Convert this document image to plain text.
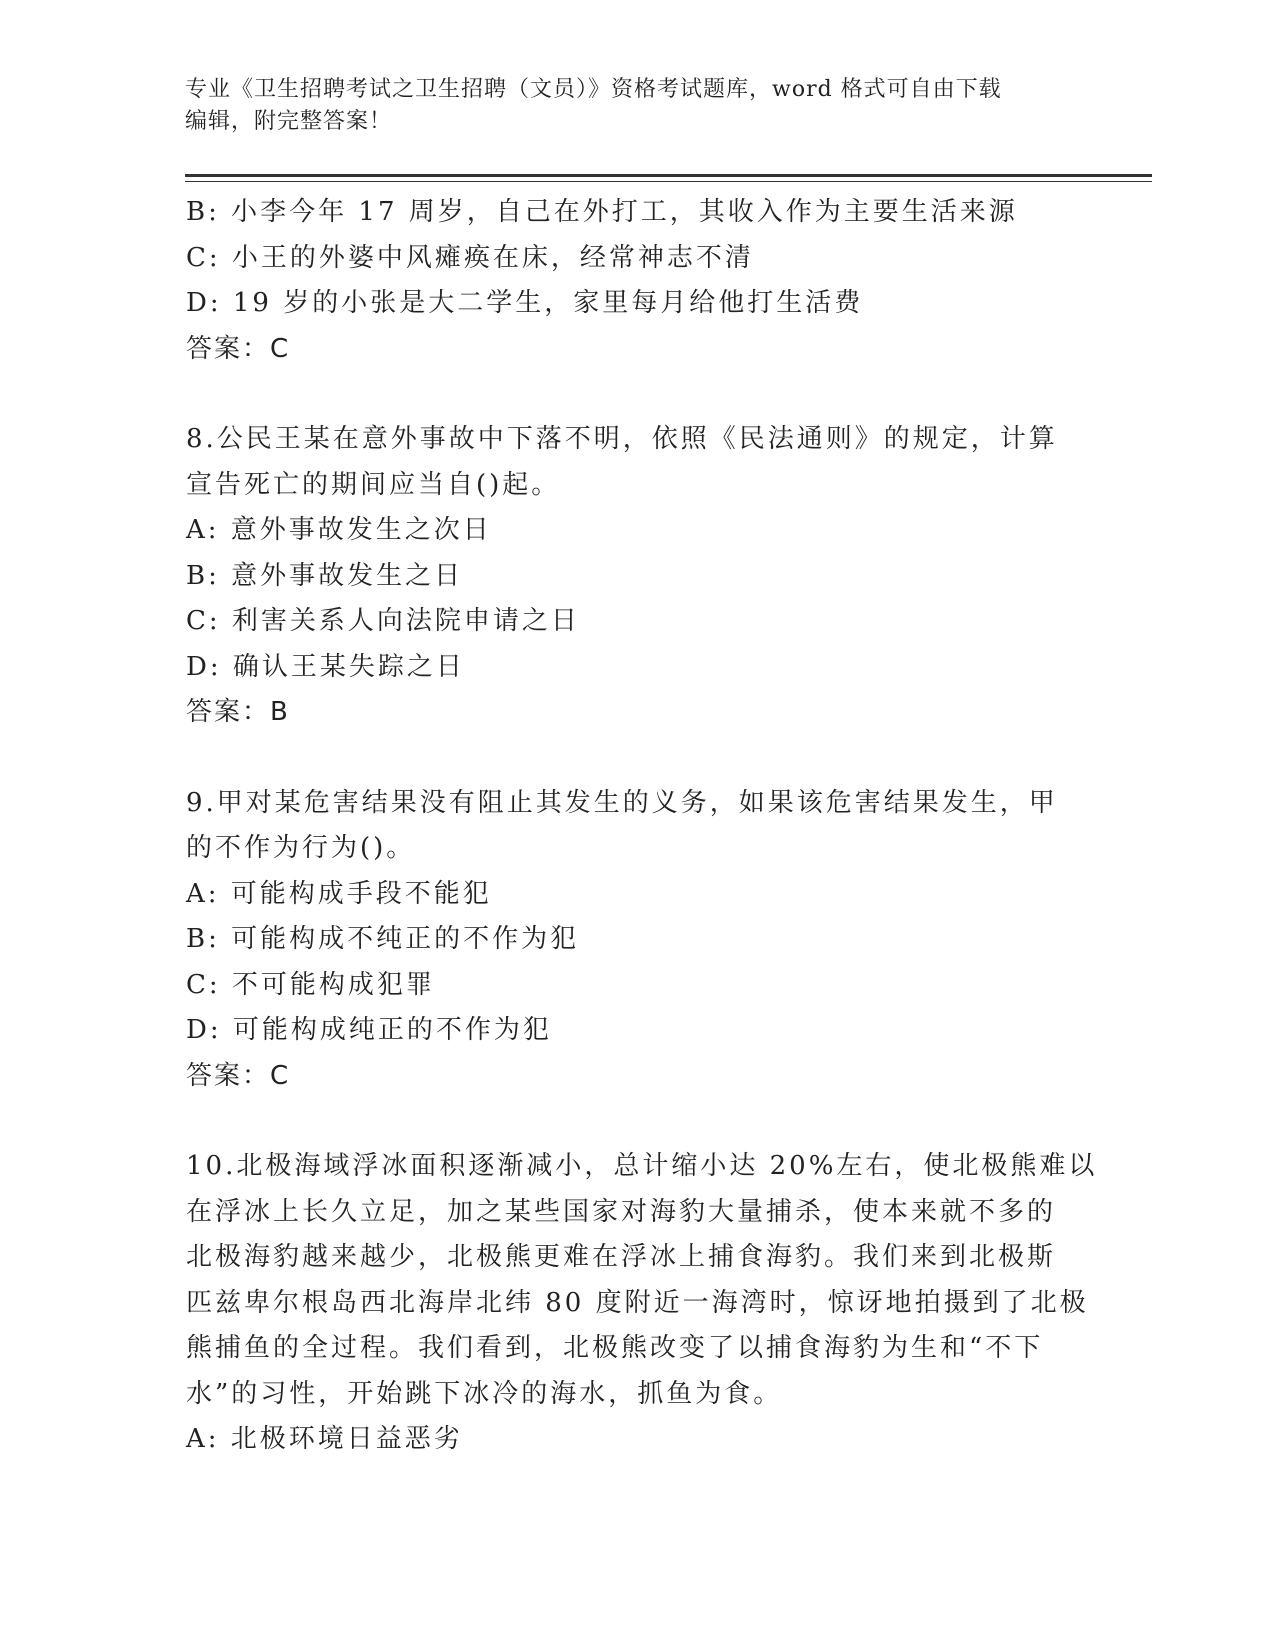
专业《卫生招聘考试之卫生招聘（文员）》资格考试题库，word 格式可自由下载
编辑，附完整答案！
B: 小李今年 17 周岁，自己在外打工，其收入作为主要生活来源
C: 小王的外婆中风瘫痪在床，经常神志不清
D: 19 岁的小张是大二学生，家里每月给他打生活费
答案：C
8.公民王某在意外事故中下落不明，依照《民法通则》的规定，计算
宣告死亡的期间应当自()起。
A: 意外事故发生之次日
B: 意外事故发生之日
C: 利害关系人向法院申请之日
D: 确认王某失踪之日
答案：B
9.甲对某危害结果没有阻止其发生的义务，如果该危害结果发生，甲
的不作为行为()。
A: 可能构成手段不能犯
B: 可能构成不纯正的不作为犯
C: 不可能构成犯罪
D: 可能构成纯正的不作为犯
答案：C
10.北极海域浮冰面积逐渐减小，总计缩小达 20%左右，使北极熊难以
在浮冰上长久立足，加之某些国家对海豹大量捕杀，使本来就不多的
北极海豹越来越少，北极熊更难在浮冰上捕食海豹。我们来到北极斯
匹兹卑尔根岛西北海岸北纬 80 度附近一海湾时，惊讶地拍摄到了北极
熊捕鱼的全过程。我们看到，北极熊改变了以捕食海豹为生和“不下
水”的习性，开始跳下冰冷的海水，抓鱼为食。
A: 北极环境日益恶劣
